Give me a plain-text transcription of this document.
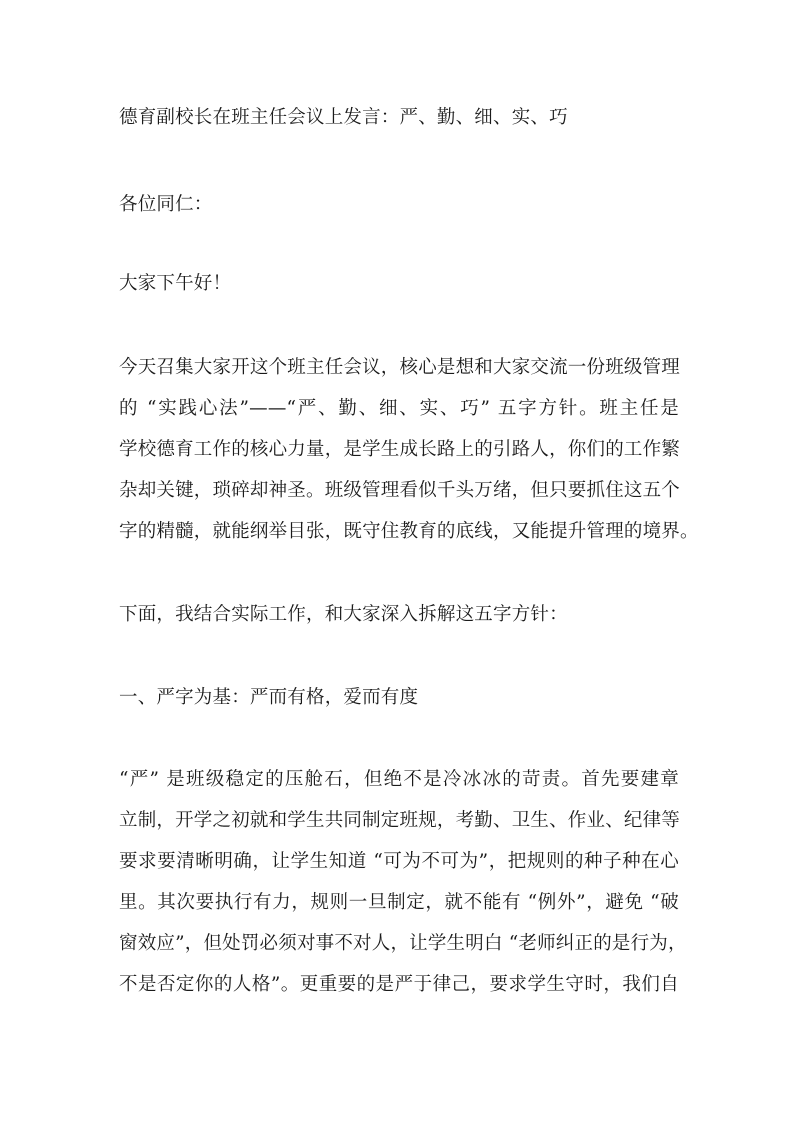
德育副校长在班主任会议上发言：严、勤、细、实、巧
各位同仁：
大家下午好！
今天召集大家开这个班主任会议，核心是想和大家交流一份班级管理
的 “实践心法”——“严、勤、细、实、巧” 五字方针。班主任是
学校德育工作的核心力量，是学生成长路上的引路人，你们的工作繁
杂却关键，琐碎却神圣。班级管理看似千头万绪，但只要抓住这五个
字的精髓，就能纲举目张，既守住教育的底线，又能提升管理的境界。
下面，我结合实际工作，和大家深入拆解这五字方针：
一、严字为基：严而有格，爱而有度
“严” 是班级稳定的压舱石，但绝不是冷冰冰的苛责。首先要建章
立制，开学之初就和学生共同制定班规，考勤、卫生、作业、纪律等
要求要清晰明确，让学生知道 “可为不可为”，把规则的种子种在心
里。其次要执行有力，规则一旦制定，就不能有 “例外”，避免 “破
窗效应”，但处罚必须对事不对人，让学生明白 “老师纠正的是行为，
不是否定你的人格”。更重要的是严于律己，要求学生守时，我们自
